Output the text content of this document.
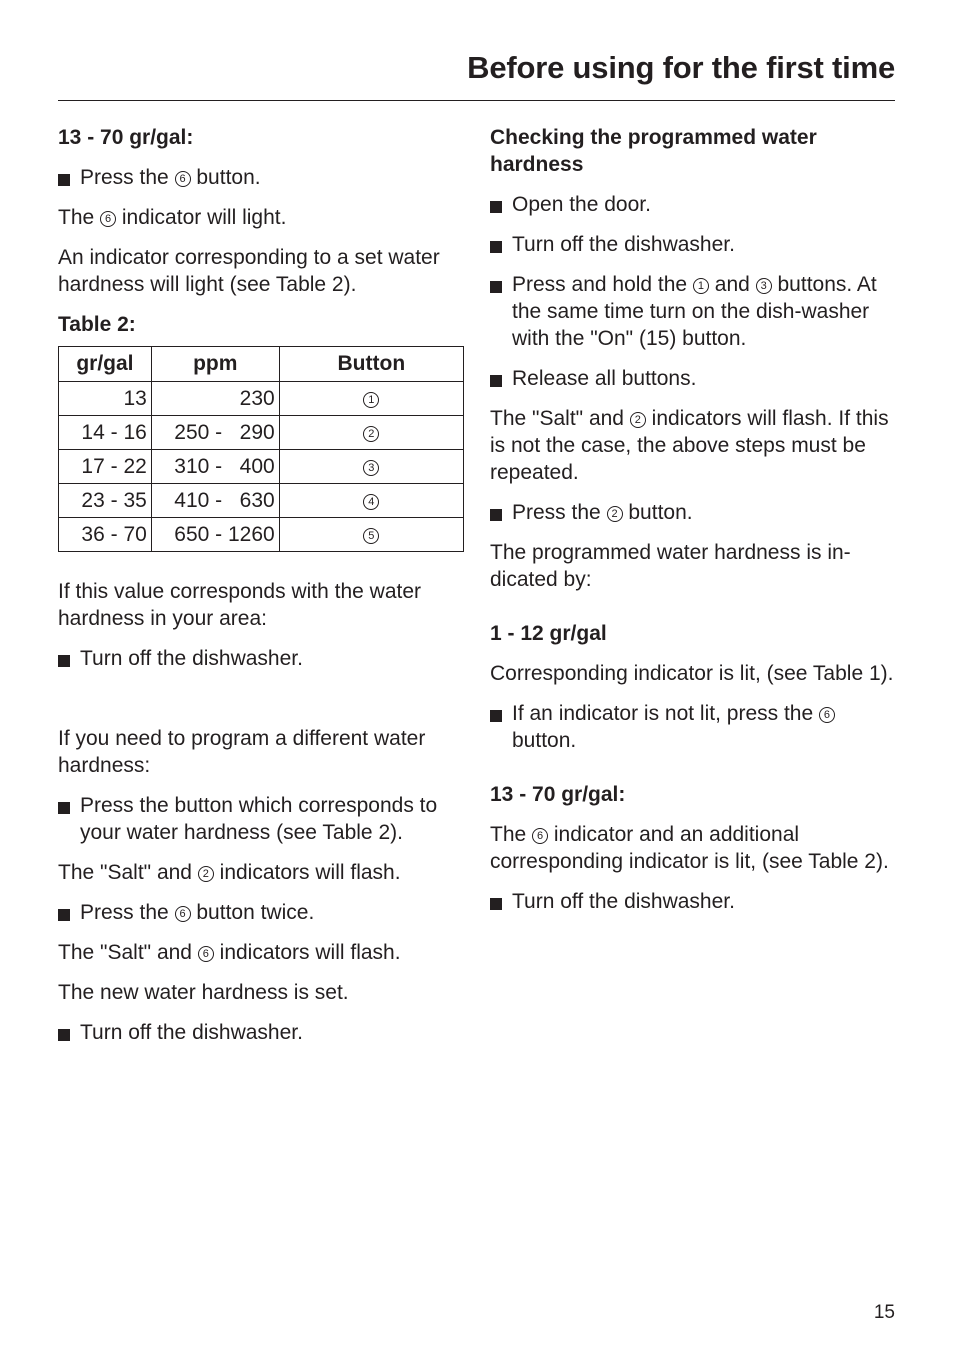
Before using for the first time
13 - 70 gr/gal:
Press the 6 button.
The 6 indicator will light.
An indicator corresponding to a set water hardness will light (see Table 2).
Table 2:
gr/gal	ppm	Button
13	230	1
14 - 16	250 -   290	2
17 - 22	310 -   400	3
23 - 35	410 -   630	4
36 - 70	650 - 1260	5
If this value corresponds with the water hardness in your area:
Turn off the dishwasher.
If you need to program a different water hardness:
Press the button which corresponds to your water hardness (see Table 2).
The "Salt" and 2 indicators will flash.
Press the 6 button twice.
The "Salt" and 6 indicators will flash.
The new water hardness is set.
Turn off the dishwasher.
Checking the programmed water hardness
Open the door.
Turn off the dishwasher.
Press and hold the 1 and 3 buttons. At the same time turn on the dish-washer with the "On" (15) button.
Release all buttons.
The "Salt" and 2 indicators will flash. If this is not the case, the above steps must be repeated.
Press the 2 button.
The programmed water hardness is in-dicated by:
1 - 12 gr/gal
Corresponding indicator is lit, (see Table 1).
If an indicator is not lit, press the 6 button.
13 - 70 gr/gal:
The 6 indicator and an additional corresponding indicator is lit, (see Table 2).
Turn off the dishwasher.
15
